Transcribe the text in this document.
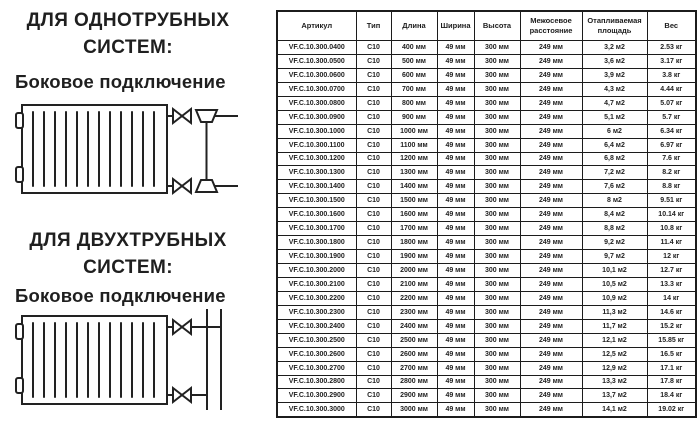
ДЛЯ ОДНОТРУБНЫХ
СИСТЕМ:
Боковое подключение
ДЛЯ ДВУХТРУБНЫХ
СИСТЕМ:
Боковое подключение
Артикул	Тип	Длина	Ширина	Высота	Межосевое расстояние	Отапливаемая площадь	Вес
VF.C.10.300.0400	C10	400 мм	49 мм	300 мм	249 мм	3,2 м2	2.53 кг
VF.C.10.300.0500	C10	500 мм	49 мм	300 мм	249 мм	3,6 м2	3.17 кг
VF.C.10.300.0600	C10	600 мм	49 мм	300 мм	249 мм	3,9 м2	3.8 кг
VF.C.10.300.0700	C10	700 мм	49 мм	300 мм	249 мм	4,3 м2	4.44 кг
VF.C.10.300.0800	C10	800 мм	49 мм	300 мм	249 мм	4,7 м2	5.07 кг
VF.C.10.300.0900	C10	900 мм	49 мм	300 мм	249 мм	5,1 м2	5.7 кг
VF.C.10.300.1000	C10	1000 мм	49 мм	300 мм	249 мм	6 м2	6.34 кг
VF.C.10.300.1100	C10	1100 мм	49 мм	300 мм	249 мм	6,4 м2	6.97 кг
VF.C.10.300.1200	C10	1200 мм	49 мм	300 мм	249 мм	6,8 м2	7.6 кг
VF.C.10.300.1300	C10	1300 мм	49 мм	300 мм	249 мм	7,2 м2	8.2 кг
VF.C.10.300.1400	C10	1400 мм	49 мм	300 мм	249 мм	7,6 м2	8.8 кг
VF.C.10.300.1500	C10	1500 мм	49 мм	300 мм	249 мм	8 м2	9.51 кг
VF.C.10.300.1600	C10	1600 мм	49 мм	300 мм	249 мм	8,4 м2	10.14 кг
VF.C.10.300.1700	C10	1700 мм	49 мм	300 мм	249 мм	8,8 м2	10.8 кг
VF.C.10.300.1800	C10	1800 мм	49 мм	300 мм	249 мм	9,2 м2	11.4 кг
VF.C.10.300.1900	C10	1900 мм	49 мм	300 мм	249 мм	9,7 м2	12 кг
VF.C.10.300.2000	C10	2000 мм	49 мм	300 мм	249 мм	10,1 м2	12.7 кг
VF.C.10.300.2100	C10	2100 мм	49 мм	300 мм	249 мм	10,5 м2	13.3 кг
VF.C.10.300.2200	C10	2200 мм	49 мм	300 мм	249 мм	10,9 м2	14 кг
VF.C.10.300.2300	C10	2300 мм	49 мм	300 мм	249 мм	11,3 м2	14.6 кг
VF.C.10.300.2400	C10	2400 мм	49 мм	300 мм	249 мм	11,7 м2	15.2 кг
VF.C.10.300.2500	C10	2500 мм	49 мм	300 мм	249 мм	12,1 м2	15.85 кг
VF.C.10.300.2600	C10	2600 мм	49 мм	300 мм	249 мм	12,5 м2	16.5 кг
VF.C.10.300.2700	C10	2700 мм	49 мм	300 мм	249 мм	12,9 м2	17.1 кг
VF.C.10.300.2800	C10	2800 мм	49 мм	300 мм	249 мм	13,3 м2	17.8 кг
VF.C.10.300.2900	C10	2900 мм	49 мм	300 мм	249 мм	13,7 м2	18.4 кг
VF.C.10.300.3000	C10	3000 мм	49 мм	300 мм	249 мм	14,1 м2	19.02 кг
